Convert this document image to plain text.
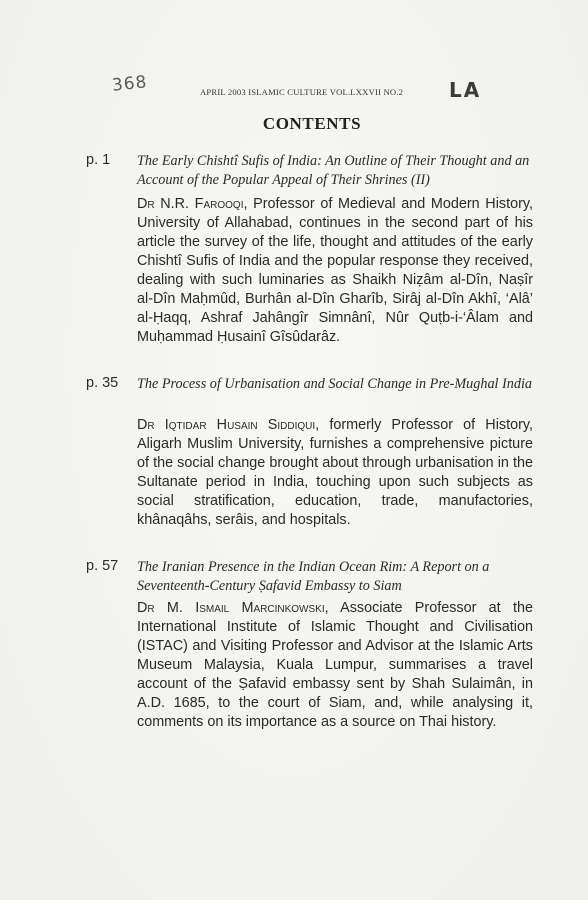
368	LA
APRIL 2003 ISLAMIC CULTURE VOL.LXXVII NO.2
CONTENTS
p. 1 The Early Chishtî Sufis of India: An Outline of Their Thought and an Account of the Popular Appeal of Their Shrines (II)
Dr N.R. Farooqi, Professor of Medieval and Modern History, University of Allahabad, continues in the second part of his article the survey of the life, thought and attitudes of the early Chishtî Sufis of India and the popular response they received, dealing with such luminaries as Shaikh Niẓâm al-Dîn, Naṣîr al-Dîn Maḥmûd, Burhân al-Dîn Gharîb, Sirâj al-Dîn Akhî, ‘Alâ’ al-Ḥaqq, Ashraf Jahângîr Simnânî, Nûr Quṭb-i-‘Âlam and Muḥammad Ḥusainî Gîsûdarâz.
p. 35 The Process of Urbanisation and Social Change in Pre-Mughal India
Dr Iqtidar Husain Siddiqui, formerly Professor of History, Aligarh Muslim University, furnishes a comprehensive picture of the social change brought about through urbanisation in the Sultanate period in India, touching upon such subjects as social stratification, education, trade, manufactories, khânaqâhs, serâis, and hospitals.
p. 57 The Iranian Presence in the Indian Ocean Rim: A Report on a Seventeenth-Century Ṣafavid Embassy to Siam
Dr M. Ismail Marcinkowski, Associate Professor at the International Institute of Islamic Thought and Civilisation (ISTAC) and Visiting Professor and Advisor at the Islamic Arts Museum Malaysia, Kuala Lumpur, summarises a travel account of the Ṣafavid embassy sent by Shah Sulaimân, in A.D. 1685, to the court of Siam, and, while analysing it, comments on its importance as a source on Thai history.
